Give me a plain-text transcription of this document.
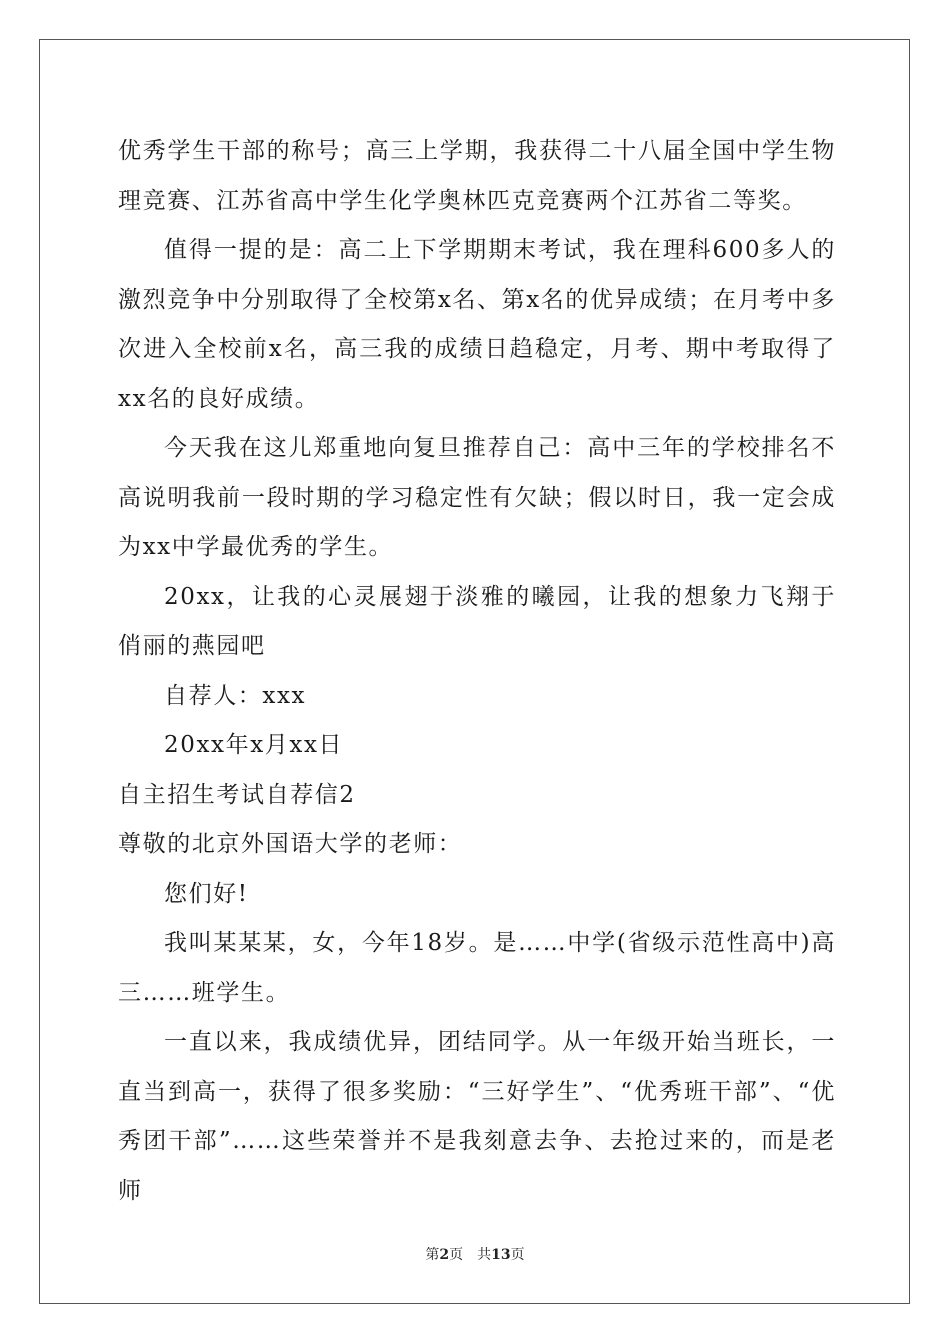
优秀学生干部的称号；高三上学期，我获得二十八届全国中学生物理竞赛、江苏省高中学生化学奥林匹克竞赛两个江苏省二等奖。

值得一提的是：高二上下学期期末考试，我在理科600多人的激烈竞争中分别取得了全校第x名、第x名的优异成绩；在月考中多次进入全校前x名，高三我的成绩日趋稳定，月考、期中考取得了xx名的良好成绩。

今天我在这儿郑重地向复旦推荐自己：高中三年的学校排名不高说明我前一段时期的学习稳定性有欠缺；假以时日，我一定会成为xx中学最优秀的学生。

20xx，让我的心灵展翅于淡雅的曦园，让我的想象力飞翔于俏丽的燕园吧

自荐人：xxx

20xx年x月xx日

自主招生考试自荐信2

尊敬的北京外国语大学的老师：

您们好!

我叫某某某，女，今年18岁。是……中学(省级示范性高中)高三……班学生。

一直以来，我成绩优异，团结同学。从一年级开始当班长，一直当到高一，获得了很多奖励：“三好学生”、“优秀班干部”、“优秀团干部”……这些荣誉并不是我刻意去争、去抢过来的，而是老师

第2页　共13页
